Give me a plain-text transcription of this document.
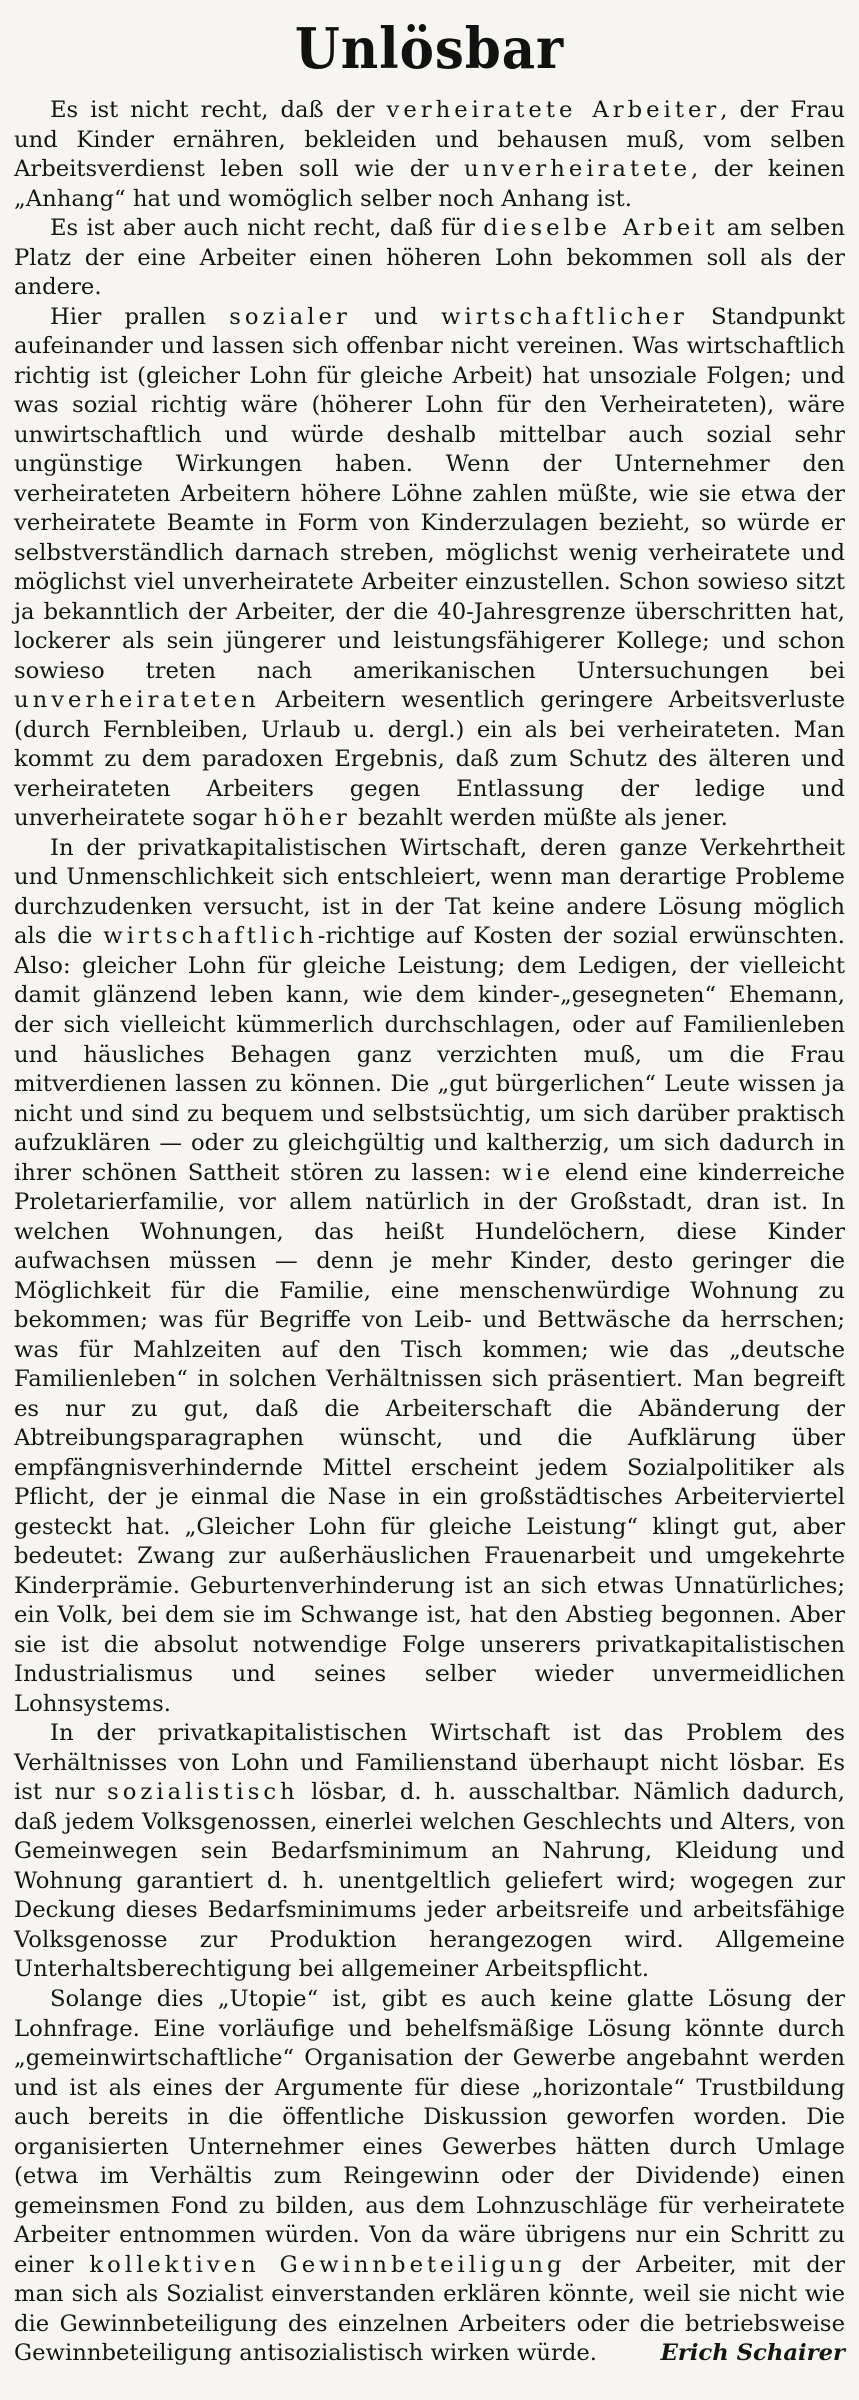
Unlösbar

Es ist nicht recht, daß der verheiratete Arbeiter, der Frau und Kinder ernähren, bekleiden und behausen muß, vom selben Arbeitsverdienst leben soll wie der unverheiratete, der keinen „Anhang“ hat und womöglich selber noch Anhang ist.

Es ist aber auch nicht recht, daß für dieselbe Arbeit am selben Platz der eine Arbeiter einen höheren Lohn bekommen soll als der andere.

Hier prallen sozialer und wirtschaftlicher Standpunkt aufeinander und lassen sich offenbar nicht vereinen. Was wirtschaftlich richtig ist (gleicher Lohn für gleiche Arbeit) hat unsoziale Folgen; und was sozial richtig wäre (höherer Lohn für den Verheirateten), wäre unwirtschaftlich und würde deshalb mittelbar auch sozial sehr ungünstige Wirkungen haben. Wenn der Unternehmer den verheirateten Arbeitern höhere Löhne zahlen müßte, wie sie etwa der verheiratete Beamte in Form von Kinderzulagen bezieht, so würde er selbstverständlich darnach streben, möglichst wenig verheiratete und möglichst viel unverheiratete Arbeiter einzustellen. Schon sowieso sitzt ja bekanntlich der Arbeiter, der die 40-Jahresgrenze überschritten hat, lockerer als sein jüngerer und leistungsfähigerer Kollege; und schon sowieso treten nach amerikanischen Untersuchungen bei unverheirateten Arbeitern wesentlich geringere Arbeitsverluste (durch Fernbleiben, Urlaub u. dergl.) ein als bei verheirateten. Man kommt zu dem paradoxen Ergebnis, daß zum Schutz des älteren und verheirateten Arbeiters gegen Entlassung der ledige und unverheiratete sogar höher bezahlt werden müßte als jener.

In der privatkapitalistischen Wirtschaft, deren ganze Verkehrtheit und Unmenschlichkeit sich entschleiert, wenn man derartige Probleme durchzudenken versucht, ist in der Tat keine andere Lösung möglich als die wirtschaftlich-richtige auf Kosten der sozial erwünschten. Also: gleicher Lohn für gleiche Leistung; dem Ledigen, der vielleicht damit glänzend leben kann, wie dem kinder-„gesegneten“ Ehemann, der sich vielleicht kümmerlich durchschlagen, oder auf Familienleben und häusliches Behagen ganz verzichten muß, um die Frau mitverdienen lassen zu können. Die „gut bürgerlichen“ Leute wissen ja nicht und sind zu bequem und selbstsüchtig, um sich darüber praktisch aufzuklären — oder zu gleichgültig und kaltherzig, um sich dadurch in ihrer schönen Sattheit stören zu lassen: wie elend eine kinderreiche Proletarierfamilie, vor allem natürlich in der Großstadt, dran ist. In welchen Wohnungen, das heißt Hundelöchern, diese Kinder aufwachsen müssen — denn je mehr Kinder, desto geringer die Möglichkeit für die Familie, eine menschenwürdige Wohnung zu bekommen; was für Begriffe von Leib- und Bettwäsche da herrschen; was für Mahlzeiten auf den Tisch kommen; wie das „deutsche Familienleben“ in solchen Verhältnissen sich präsentiert. Man begreift es nur zu gut, daß die Arbeiterschaft die Abänderung der Abtreibungsparagraphen wünscht, und die Aufklärung über empfängnisverhindernde Mittel erscheint jedem Sozialpolitiker als Pflicht, der je einmal die Nase in ein großstädtisches Arbeiterviertel gesteckt hat. „Gleicher Lohn für gleiche Leistung“ klingt gut, aber bedeutet: Zwang zur außerhäuslichen Frauenarbeit und umgekehrte Kinderprämie. Geburtenverhinderung ist an sich etwas Unnatürliches; ein Volk, bei dem sie im Schwange ist, hat den Abstieg begonnen. Aber sie ist die absolut notwendige Folge unserers privatkapitalistischen Industrialismus und seines selber wieder unvermeidlichen Lohnsystems.

In der privatkapitalistischen Wirtschaft ist das Problem des Verhältnisses von Lohn und Familienstand überhaupt nicht lösbar. Es ist nur sozialistisch lösbar, d. h. ausschaltbar. Nämlich dadurch, daß jedem Volksgenossen, einerlei welchen Geschlechts und Alters, von Gemeinwegen sein Bedarfsminimum an Nahrung, Kleidung und Wohnung garantiert d. h. unentgeltlich geliefert wird; wogegen zur Deckung dieses Bedarfsminimums jeder arbeitsreife und arbeitsfähige Volksgenosse zur Produktion herangezogen wird. Allgemeine Unterhaltsberechtigung bei allgemeiner Arbeitspflicht.

Solange dies „Utopie“ ist, gibt es auch keine glatte Lösung der Lohnfrage. Eine vorläufige und behelfsmäßige Lösung könnte durch „gemeinwirtschaftliche“ Organisation der Gewerbe angebahnt werden und ist als eines der Argumente für diese „horizontale“ Trustbildung auch bereits in die öffentliche Diskussion geworfen worden. Die organisierten Unternehmer eines Gewerbes hätten durch Umlage (etwa im Verhältis zum Reingewinn oder der Dividende) einen gemeinsmen Fond zu bilden, aus dem Lohnzuschläge für verheiratete Arbeiter entnommen würden. Von da wäre übrigens nur ein Schritt zu einer kollektiven Gewinnbeteiligung der Arbeiter, mit der man sich als Sozialist einverstanden erklären könnte, weil sie nicht wie die Gewinnbeteiligung des einzelnen Arbeiters oder die betriebsweise Gewinnbeteiligung antisozialistisch wirken würde.	Erich Schairer
